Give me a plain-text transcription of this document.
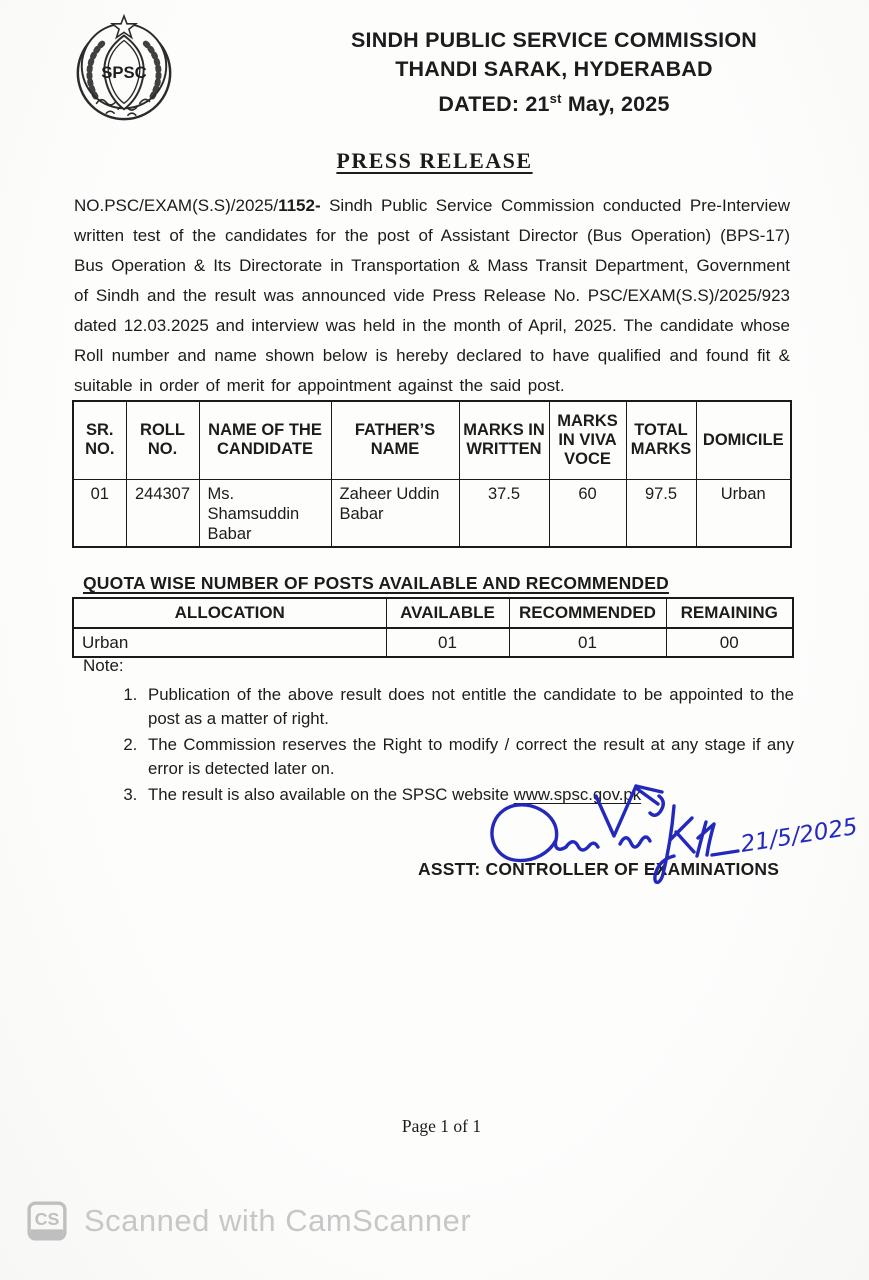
SPSC
SINDH PUBLIC SERVICE COMMISSION
THANDI SARAK, HYDERABAD
DATED: 21st May, 2025
PRESS RELEASE
NO.PSC/EXAM(S.S)/2025/1152- Sindh Public Service Commission conducted Pre-Interview written test of the candidates for the post of Assistant Director (Bus Operation) (BPS-17) Bus Operation & Its Directorate in Transportation & Mass Transit Department, Government of Sindh and the result was announced vide Press Release No. PSC/EXAM(S.S)/2025/923 dated 12.03.2025 and interview was held in the month of April, 2025. The candidate whose Roll number and name shown below is hereby declared to have qualified and found fit & suitable in order of merit for appointment against the said post.
SR. NO.	ROLL NO.	NAME OF THE CANDIDATE	FATHER’S NAME	MARKS IN WRITTEN	MARKS IN VIVA VOCE	TOTAL MARKS	DOMICILE
01	244307	Ms. Shamsuddin Babar	Zaheer Uddin Babar	37.5	60	97.5	Urban
QUOTA WISE NUMBER OF POSTS AVAILABLE AND RECOMMENDED
ALLOCATION	AVAILABLE	RECOMMENDED	REMAINING
Urban	01	01	00
Note:
1. Publication of the above result does not entitle the candidate to be appointed to the post as a matter of right.
2. The Commission reserves the Right to modify / correct the result at any stage if any error is detected later on.
3. The result is also available on the SPSC website www.spsc.gov.pk
21/5/2025
ASSTT: CONTROLLER OF EXAMINATIONS
Page 1 of 1
CS Scanned with CamScanner
